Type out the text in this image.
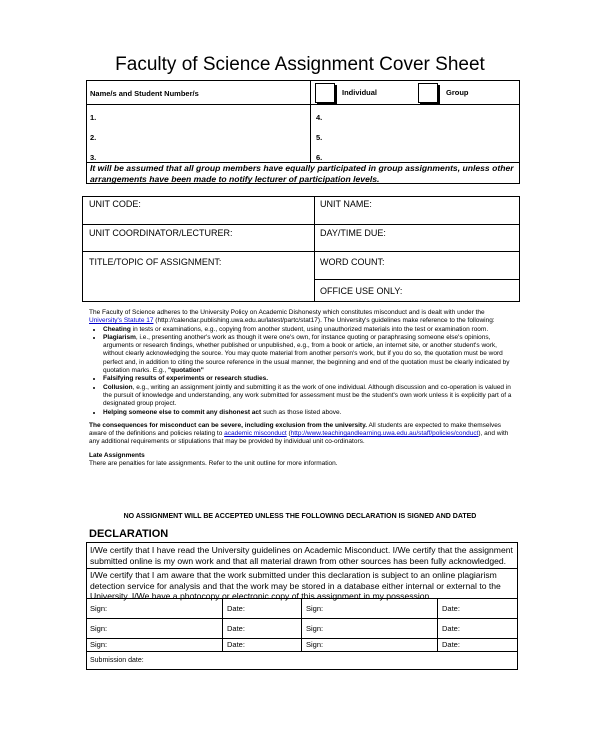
Faculty of Science Assignment Cover Sheet
Name/s and Student Number/s	Individual	Group
1.
2.
3.
4.
5.
6.
It will be assumed that all group members have equally participated in group assignments, unless other arrangements have been made to notify lecturer of participation levels.
UNIT CODE:	UNIT NAME:
UNIT COORDINATOR/LECTURER:	DAY/TIME DUE:
TITLE/TOPIC OF ASSIGNMENT:	WORD COUNT:
OFFICE USE ONLY:

The Faculty of Science adheres to the University Policy on Academic Dishonesty which constitutes misconduct and is dealt with under the University's Statute 17 (http://calendar.publishing.uwa.edu.au/latest/partc/stat17). The University's guidelines make reference to the following:

• Cheating in tests or examinations, e.g., copying from another student, using unauthorized materials into the test or examination room.
• Plagiarism, i.e., presenting another's work as though it were one's own, for instance quoting or paraphrasing someone else's opinions, arguments or research findings, whether published or unpublished, e.g., from a book or article, an internet site, or another student's work, without clearly acknowledging the source. You may quote material from another person's work, but if you do so, the quotation must be word perfect and, in addition to citing the source reference in the usual manner, the beginning and end of the quotation must be clearly indicated by quotation marks. E.g., "quotation"
• Falsifying results of experiments or research studies.
• Collusion, e.g., writing an assignment jointly and submitting it as the work of one individual. Although discussion and co-operation is valued in the pursuit of knowledge and understanding, any work submitted for assessment must be the student's own work unless it is explicitly part of a designated group project.
• Helping someone else to commit any dishonest act such as those listed above.

The consequences for misconduct can be severe, including exclusion from the university. All students are expected to make themselves aware of the definitions and policies relating to academic misconduct (http://www.teachingandlearning.uwa.edu.au/staff/policies/conduct), and with any additional requirements or stipulations that may be provided by individual unit co-ordinators.

Late Assignments

There are penalties for late assignments. Refer to the unit outline for more information.

NO ASSIGNMENT WILL BE ACCEPTED UNLESS THE FOLLOWING DECLARATION IS SIGNED AND DATED
DECLARATION
I/We certify that I have read the University guidelines on Academic Misconduct. I/We certify that the assignment submitted online is my own work and that all material drawn from other sources has been fully acknowledged.
I/We certify that I am aware that the work submitted under this declaration is subject to an online plagiarism detection service for analysis and that the work may be stored in a database either internal or external to the University. I/We have a photocopy or electronic copy of this assignment in my possession.
Sign:	Date:	Sign:	Date:
Sign:	Date:	Sign:	Date:
Sign:	Date:	Sign:	Date:
Submission date:
